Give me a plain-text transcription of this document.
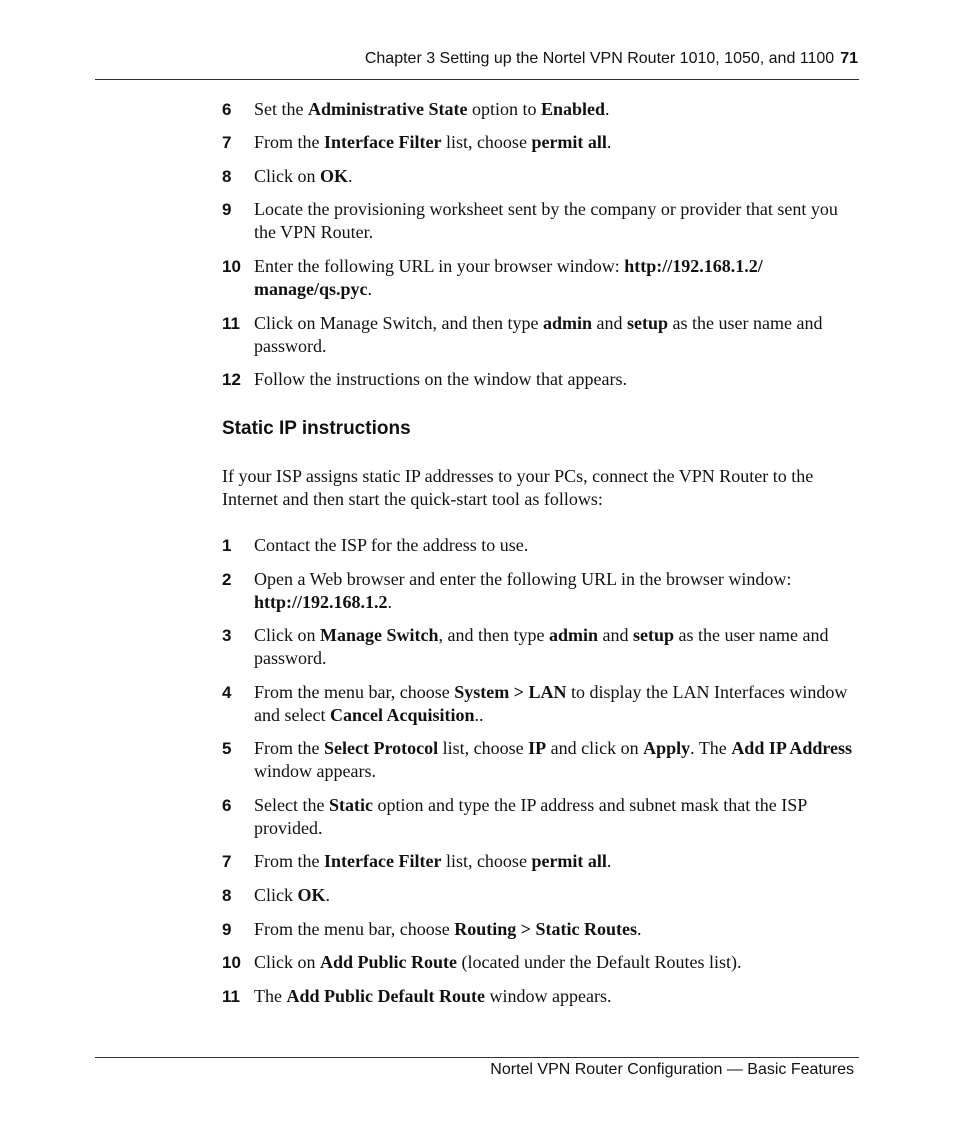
Chapter 3 Setting up the Nortel VPN Router 1010, 1050, and 1100 71
6 Set the Administrative State option to Enabled.
7 From the Interface Filter list, choose permit all.
8 Click on OK.
9 Locate the provisioning worksheet sent by the company or provider that sent you the VPN Router.
10 Enter the following URL in your browser window: http://192.168.1.2/ manage/qs.pyc.
11 Click on Manage Switch, and then type admin and setup as the user name and password.
12 Follow the instructions on the window that appears.
Static IP instructions
If your ISP assigns static IP addresses to your PCs, connect the VPN Router to the Internet and then start the quick-start tool as follows:
1 Contact the ISP for the address to use.
2 Open a Web browser and enter the following URL in the browser window: http://192.168.1.2.
3 Click on Manage Switch, and then type admin and setup as the user name and password.
4 From the menu bar, choose System > LAN to display the LAN Interfaces window and select Cancel Acquisition..
5 From the Select Protocol list, choose IP and click on Apply. The Add IP Address window appears.
6 Select the Static option and type the IP address and subnet mask that the ISP provided.
7 From the Interface Filter list, choose permit all.
8 Click OK.
9 From the menu bar, choose Routing > Static Routes.
10 Click on Add Public Route (located under the Default Routes list).
11 The Add Public Default Route window appears.
Nortel VPN Router Configuration — Basic Features
